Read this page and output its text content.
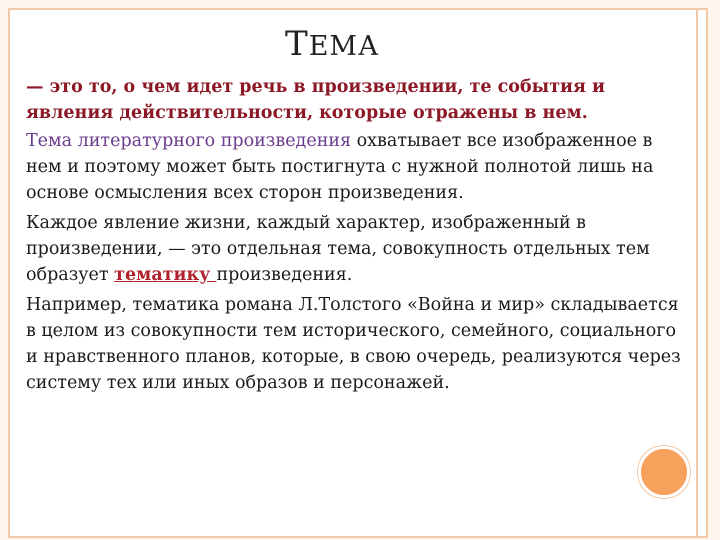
ТЕМА

— это то, о чем идет речь в произведении, те события и явления действительности, которые отражены в нем.

Тема литературного произведения охватывает все изображенное в нем и поэтому может быть постигнута с нужной полнотой лишь на основе осмысления всех сторон произведения.

Каждое явление жизни, каждый характер, изображенный в произведении, — это отдельная тема, совокупность отдельных тем образует тематику произведения.

Например, тематика романа Л.Толстого «Война и мир» складывается в целом из совокупности тем исторического, семейного, социального и нравственного планов, которые, в свою очередь, реализуются через систему тех или иных образов и персонажей.
